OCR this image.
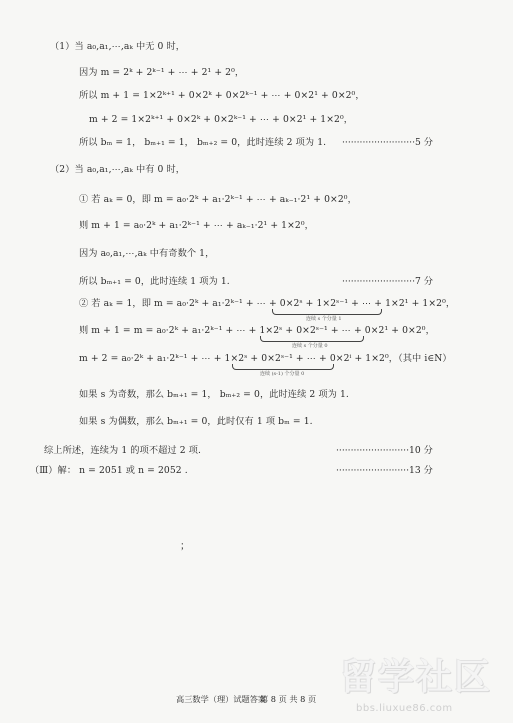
（1）当 a₀,a₁,⋯,aₖ 中无 0 时，
因为 m = 2ᵏ + 2ᵏ⁻¹ + ⋯ + 2¹ + 2⁰，
所以 m + 1 = 1×2ᵏ⁺¹ + 0×2ᵏ + 0×2ᵏ⁻¹ + ⋯ + 0×2¹ + 0×2⁰，
m + 2 = 1×2ᵏ⁺¹ + 0×2ᵏ + 0×2ᵏ⁻¹ + ⋯ + 0×2¹ + 1×2⁰，
所以 bₘ = 1， bₘ₊₁ = 1， bₘ₊₂ = 0，此时连续 2 项为 1. ·························5 分
（2）当 a₀,a₁,⋯,aₖ 中有 0 时，
① 若 aₖ = 0，即 m = a₀·2ᵏ + a₁·2ᵏ⁻¹ + ⋯ + aₖ₋₁·2¹ + 0×2⁰，
则 m + 1 = a₀·2ᵏ + a₁·2ᵏ⁻¹ + ⋯ + aₖ₋₁·2¹ + 1×2⁰，
因为 a₀,a₁,⋯,aₖ 中有奇数个 1，
所以 bₘ₊₁ = 0，此时连续 1 项为 1.	·························7 分
② 若 aₖ = 1，即 m = a₀·2ᵏ + a₁·2ᵏ⁻¹ + ⋯ + 0×2ˢ + 1×2ˢ⁻¹ + ⋯ + 1×2¹ + 1×2⁰，
连续 s 个分量 1
则 m + 1 = m = a₀·2ᵏ + a₁·2ᵏ⁻¹ + ⋯ + 1×2ˢ + 0×2ˢ⁻¹ + ⋯ + 0×2¹ + 0×2⁰，
连续 s 个分量 0
m + 2 = a₀·2ᵏ + a₁·2ᵏ⁻¹ + ⋯ + 1×2ˢ + 0×2ˢ⁻¹ + ⋯ + 0×2ⁱ + 1×2⁰，（其中 i∈N）
连续 (s-1) 个分量 0
如果 s 为奇数，那么 bₘ₊₁ = 1， bₘ₊₂ = 0，此时连续 2 项为 1.
如果 s 为偶数，那么 bₘ₊₁ = 0，此时仅有 1 项 bₘ = 1.
综上所述，连续为 1 的项不超过 2 项.	·························10 分
（Ⅲ）解： n = 2051 或 n = 2052 .	·························13 分
；
高三数学（理）试题答案
第 8 页 共 8 页
留学社区
bbs.liuxue86.com
